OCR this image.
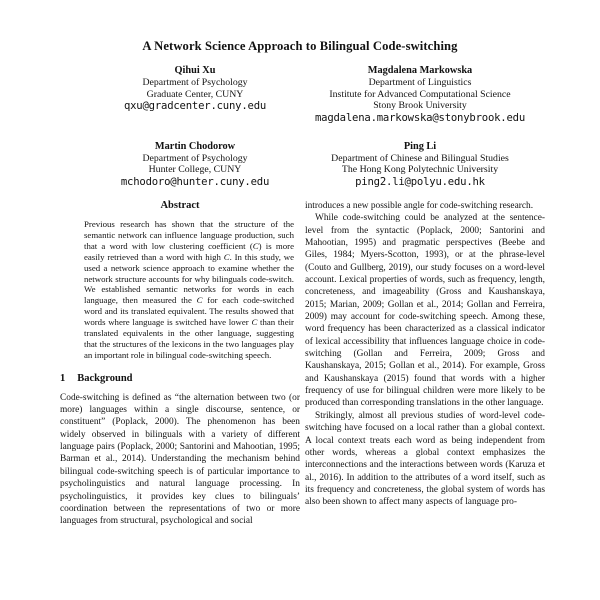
A Network Science Approach to Bilingual Code-switching
Qihui Xu
Department of Psychology
Graduate Center, CUNY
qxu@gradcenter.cuny.edu
Magdalena Markowska
Department of Linguistics
Institute for Advanced Computational Science
Stony Brook University
magdalena.markowska@stonybrook.edu
Martin Chodorow
Department of Psychology
Hunter College, CUNY
mchodoro@hunter.cuny.edu
Ping Li
Department of Chinese and Bilingual Studies
The Hong Kong Polytechnic University
ping2.li@polyu.edu.hk
Abstract

Previous research has shown that the structure of the semantic network can influence language production, such that a word with low clustering coefficient (C) is more easily retrieved than a word with high C. In this study, we used a network science approach to examine whether the network structure accounts for why bilinguals code-switch. We established semantic networks for words in each language, then measured the C for each code-switched word and its translated equivalent. The results showed that words where language is switched have lower C than their translated equivalents in the other language, suggesting that the structures of the lexicons in the two languages play an important role in bilingual code-switching speech.

1 Background

Code-switching is defined as “the alternation between two (or more) languages within a single discourse, sentence, or constituent” (Poplack, 2000). The phenomenon has been widely observed in bilinguals with a variety of different language pairs (Poplack, 2000; Santorini and Mahootian, 1995; Barman et al., 2014). Understanding the mechanism behind bilingual code-switching speech is of particular importance to psycholinguistics and natural language processing. In psycholinguistics, it provides key clues to bilinguals’ coordination between the representations of two or more languages from structural, psychological and social

introduces a new possible angle for code-switching research.

While code-switching could be analyzed at the sentence-level from the syntactic (Poplack, 2000; Santorini and Mahootian, 1995) and pragmatic perspectives (Beebe and Giles, 1984; Myers-Scotton, 1993), or at the phrase-level (Couto and Gullberg, 2019), our study focuses on a word-level account. Lexical properties of words, such as frequency, length, concreteness, and imageability (Gross and Kaushanskaya, 2015; Marian, 2009; Gollan et al., 2014; Gollan and Ferreira, 2009) may account for code-switching speech. Among these, word frequency has been characterized as a classical indicator of lexical accessibility that influences language choice in code-switching (Gollan and Ferreira, 2009; Gross and Kaushanskaya, 2015; Gollan et al., 2014). For example, Gross and Kaushanskaya (2015) found that words with a higher frequency of use for bilingual children were more likely to be produced than corresponding translations in the other language.

Strikingly, almost all previous studies of word-level code-switching have focused on a local rather than a global context. A local context treats each word as being independent from other words, whereas a global context emphasizes the interconnections and the interactions between words (Karuza et al., 2016). In addition to the attributes of a word itself, such as its frequency and concreteness, the global system of words has also been shown to affect many aspects of language pro-
